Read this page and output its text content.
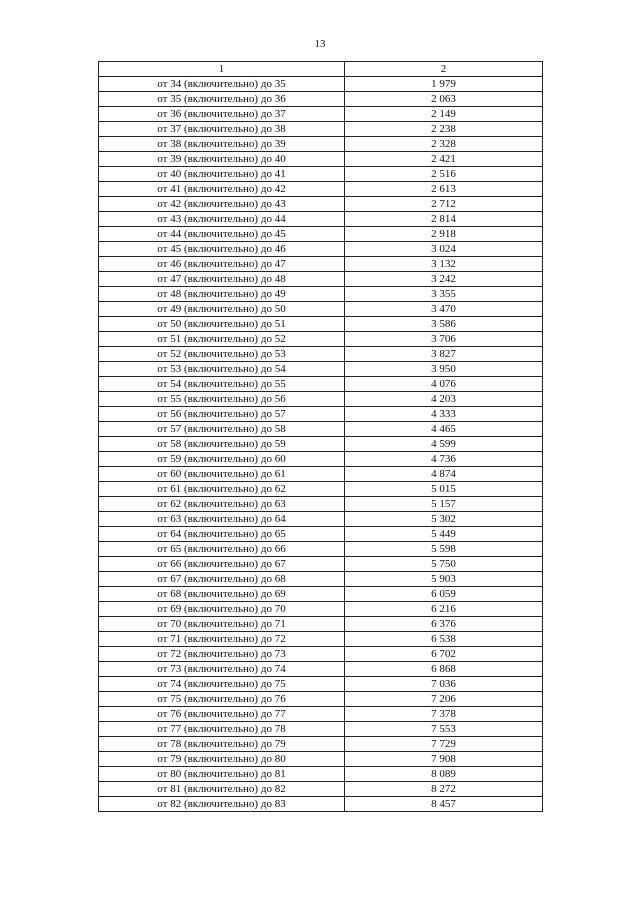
13
1	2
от 34 (включительно) до 35	1 979
от 35 (включительно) до 36	2 063
от 36 (включительно) до 37	2 149
от 37 (включительно) до 38	2 238
от 38 (включительно) до 39	2 328
от 39 (включительно) до 40	2 421
от 40 (включительно) до 41	2 516
от 41 (включительно) до 42	2 613
от 42 (включительно) до 43	2 712
от 43 (включительно) до 44	2 814
от 44 (включительно) до 45	2 918
от 45 (включительно) до 46	3 024
от 46 (включительно) до 47	3 132
от 47 (включительно) до 48	3 242
от 48 (включительно) до 49	3 355
от 49 (включительно) до 50	3 470
от 50 (включительно) до 51	3 586
от 51 (включительно) до 52	3 706
от 52 (включительно) до 53	3 827
от 53 (включительно) до 54	3 950
от 54 (включительно) до 55	4 076
от 55 (включительно) до 56	4 203
от 56 (включительно) до 57	4 333
от 57 (включительно) до 58	4 465
от 58 (включительно) до 59	4 599
от 59 (включительно) до 60	4 736
от 60 (включительно) до 61	4 874
от 61 (включительно) до 62	5 015
от 62 (включительно) до 63	5 157
от 63 (включительно) до 64	5 302
от 64 (включительно) до 65	5 449
от 65 (включительно) до 66	5 598
от 66 (включительно) до 67	5 750
от 67 (включительно) до 68	5 903
от 68 (включительно) до 69	6 059
от 69 (включительно) до 70	6 216
от 70 (включительно) до 71	6 376
от 71 (включительно) до 72	6 538
от 72 (включительно) до 73	6 702
от 73 (включительно) до 74	6 868
от 74 (включительно) до 75	7 036
от 75 (включительно) до 76	7 206
от 76 (включительно) до 77	7 378
от 77 (включительно) до 78	7 553
от 78 (включительно) до 79	7 729
от 79 (включительно) до 80	7 908
от 80 (включительно) до 81	8 089
от 81 (включительно) до 82	8 272
от 82 (включительно) до 83	8 457
